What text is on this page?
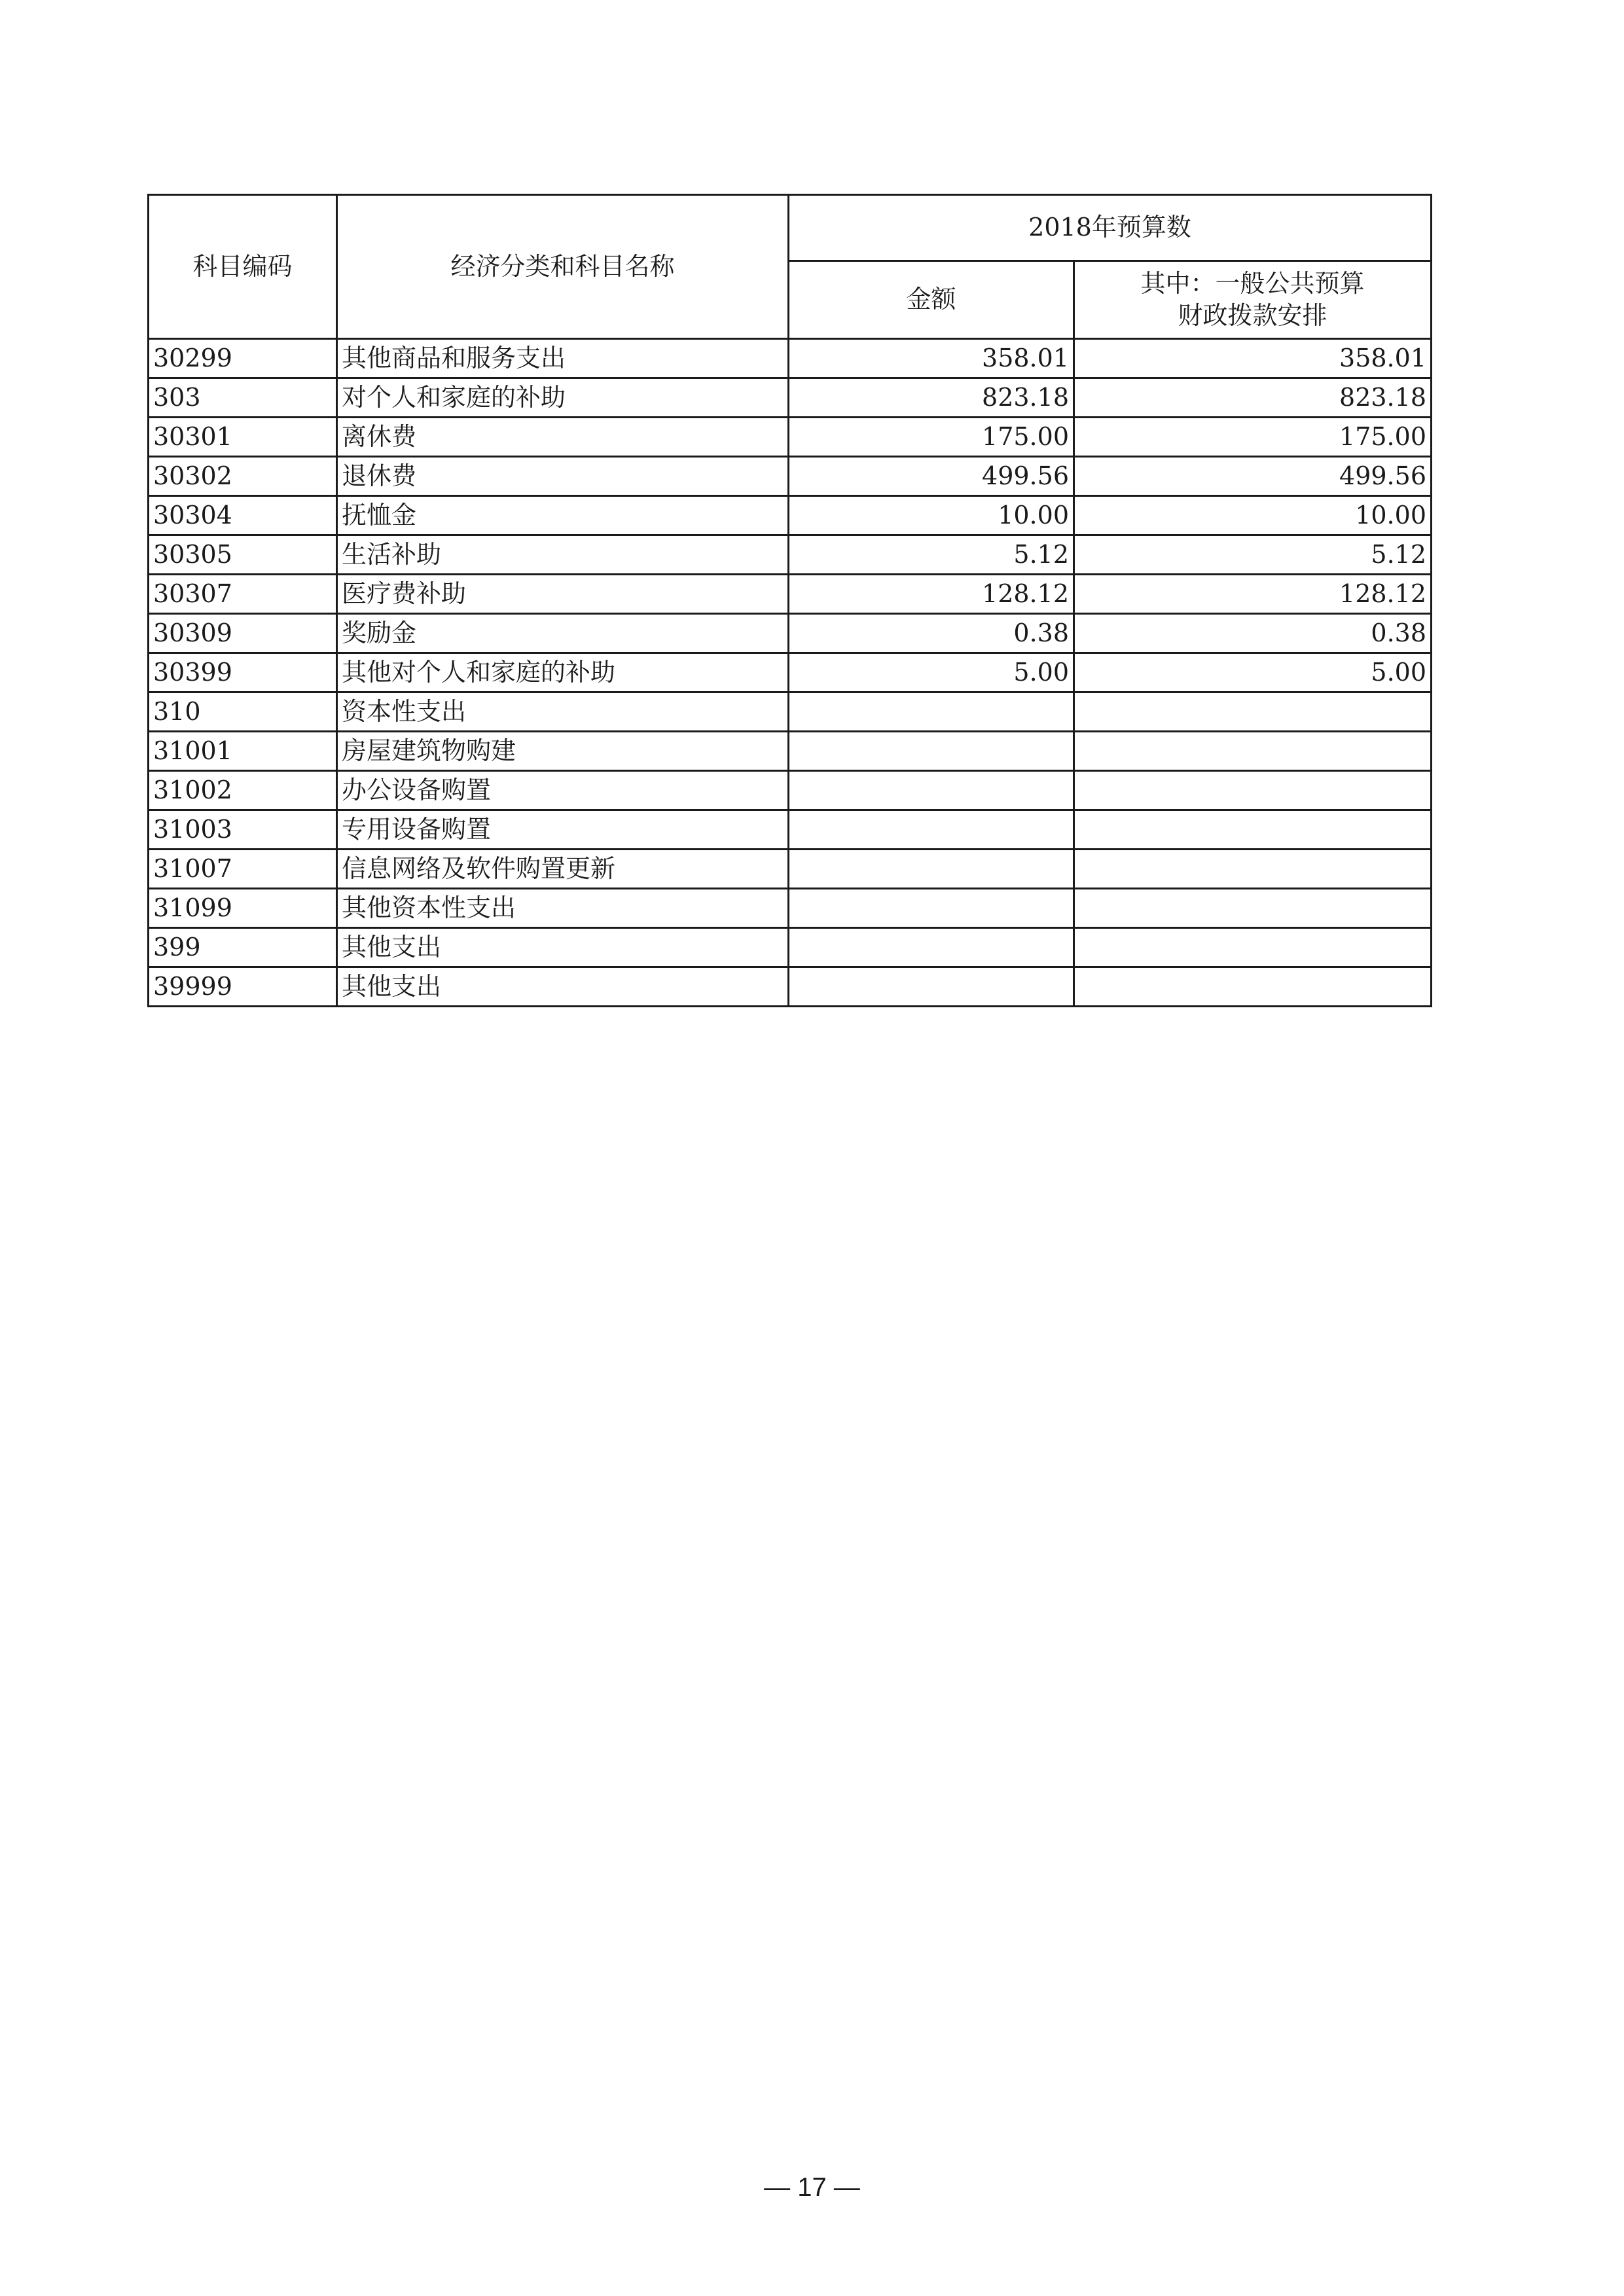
科目编码	经济分类和科目名称	2018年预算数	
		金额	其中：一般公共预算
财政拨款安排

30299	其他商品和服务支出	358.01	358.01
303	对个人和家庭的补助	823.18	823.18
30301	离休费	175.00	175.00
30302	退休费	499.56	499.56
30304	抚恤金	10.00	10.00
30305	生活补助	5.12	5.12
30307	医疗费补助	128.12	128.12
30309	奖励金	0.38	0.38
30399	其他对个人和家庭的补助	5.00	5.00
310	资本性支出		
31001	房屋建筑物购建		
31002	办公设备购置		
31003	专用设备购置		
31007	信息网络及软件购置更新		
31099	其他资本性支出		
399	其他支出		
39999	其他支出		
— 17 —
